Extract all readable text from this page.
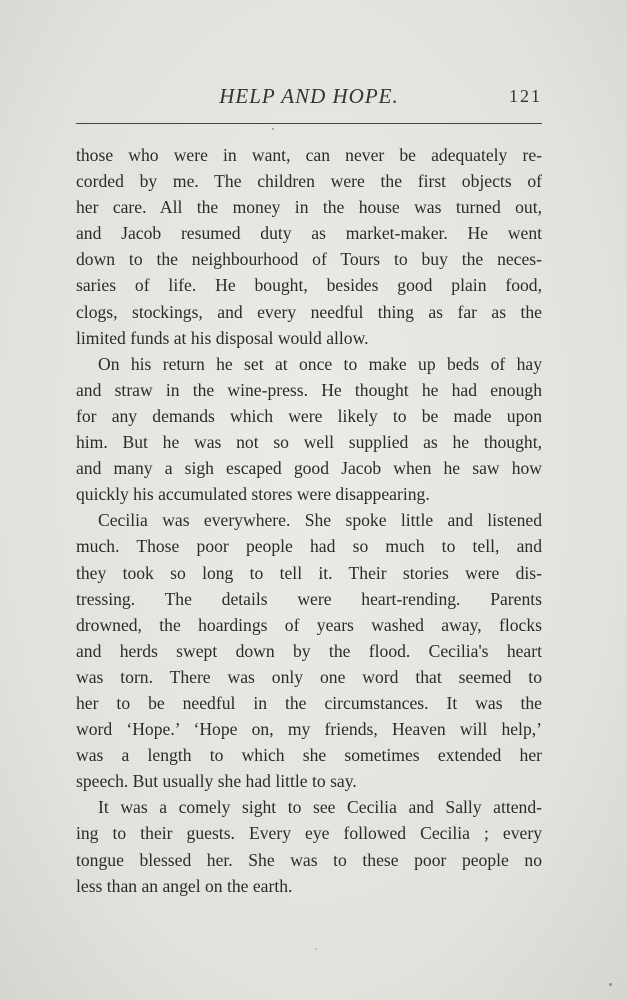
HELP AND HOPE.	121
those who were in want, can never be adequately re-
corded by me. The children were the first objects of
her care. All the money in the house was turned out,
and Jacob resumed duty as market-maker. He went
down to the neighbourhood of Tours to buy the neces-
saries of life. He bought, besides good plain food,
clogs, stockings, and every needful thing as far as the
limited funds at his disposal would allow.
On his return he set at once to make up beds of hay
and straw in the wine-press. He thought he had enough
for any demands which were likely to be made upon
him. But he was not so well supplied as he thought,
and many a sigh escaped good Jacob when he saw how
quickly his accumulated stores were disappearing.
Cecilia was everywhere. She spoke little and listened
much. Those poor people had so much to tell, and
they took so long to tell it. Their stories were dis-
tressing. The details were heart-rending. Parents
drowned, the hoardings of years washed away, flocks
and herds swept down by the flood. Cecilia's heart
was torn. There was only one word that seemed to
her to be needful in the circumstances. It was the
word ‘Hope.’ ‘Hope on, my friends, Heaven will help,’
was a length to which she sometimes extended her
speech. But usually she had little to say.
It was a comely sight to see Cecilia and Sally attend-
ing to their guests. Every eye followed Cecilia ; every
tongue blessed her. She was to these poor people no
less than an angel on the earth.
